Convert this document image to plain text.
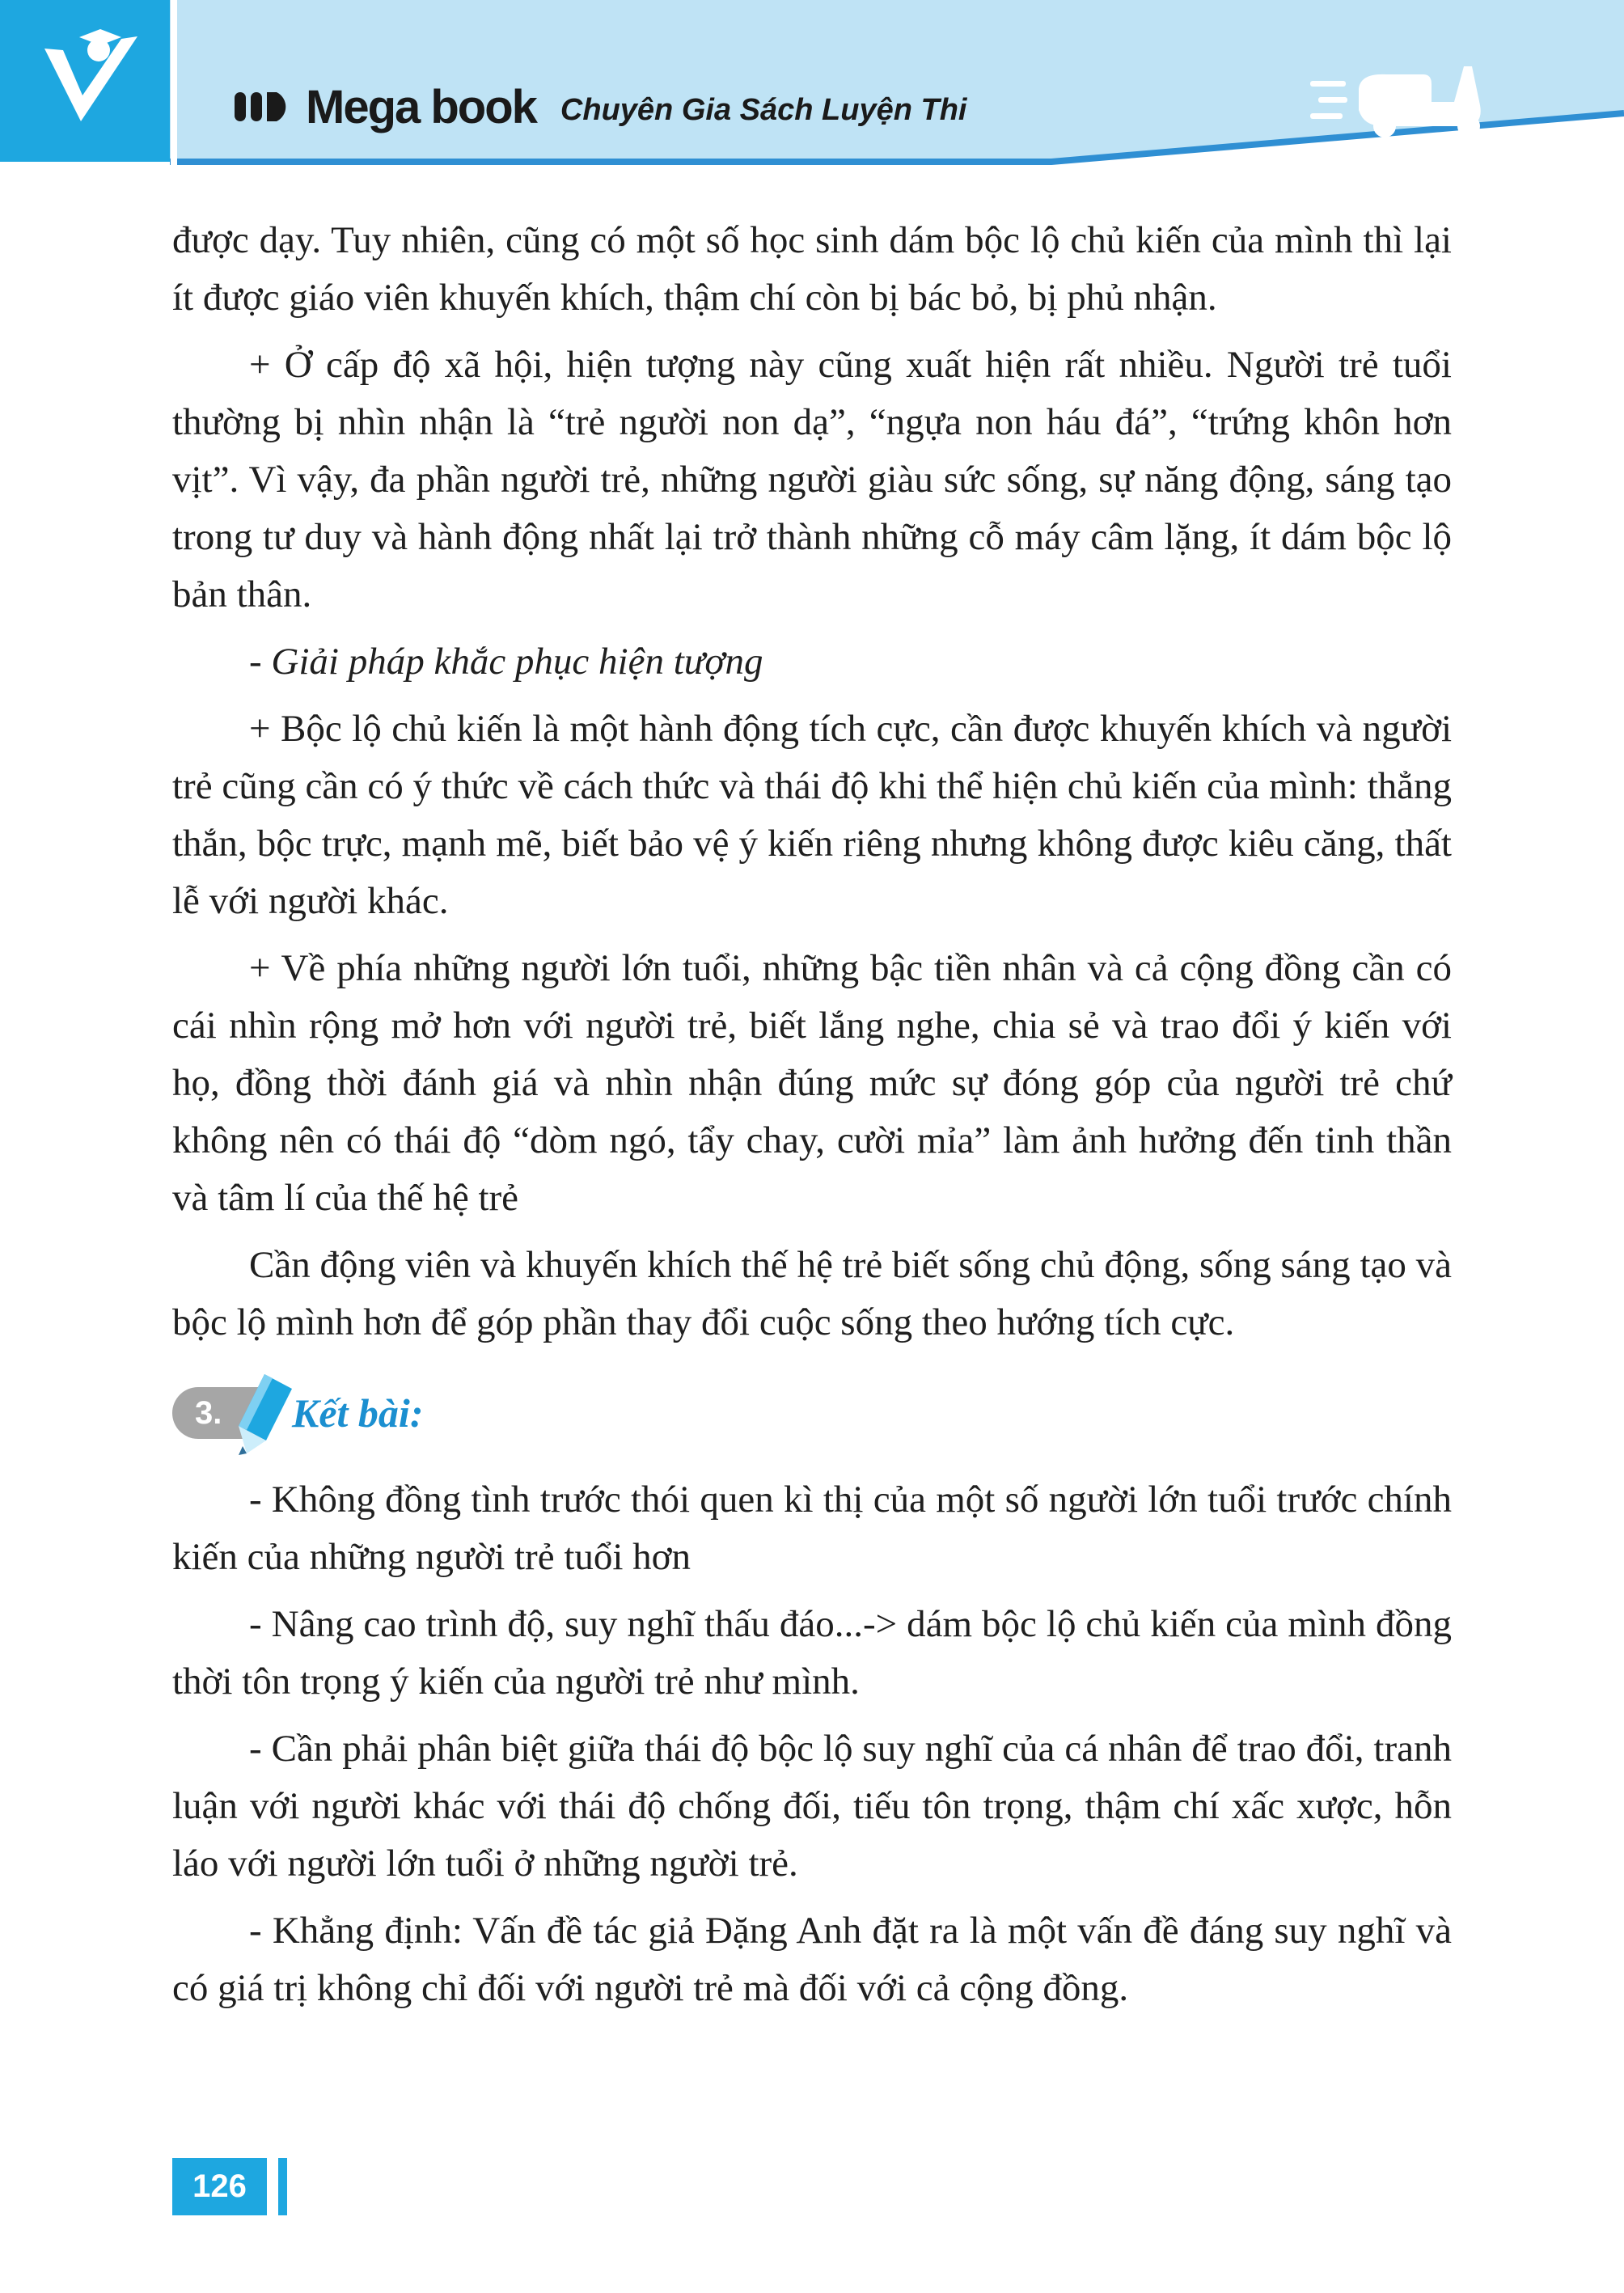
Mega book Chuyên Gia Sách Luyện Thi

được dạy. Tuy nhiên, cũng có một số học sinh dám bộc lộ chủ kiến của mình thì lại ít được giáo viên khuyến khích, thậm chí còn bị bác bỏ, bị phủ nhận.

+ Ở cấp độ xã hội, hiện tượng này cũng xuất hiện rất nhiều. Người trẻ tuổi thường bị nhìn nhận là “trẻ người non dạ”, “ngựa non háu đá”, “trứng khôn hơn vịt”. Vì vậy, đa phần người trẻ, những người giàu sức sống, sự năng động, sáng tạo trong tư duy và hành động nhất lại trở thành những cỗ máy câm lặng, ít dám bộc lộ bản thân.

- Giải pháp khắc phục hiện tượng

+ Bộc lộ chủ kiến là một hành động tích cực, cần được khuyến khích và người trẻ cũng cần có ý thức về cách thức và thái độ khi thể hiện chủ kiến của mình: thẳng thắn, bộc trực, mạnh mẽ, biết bảo vệ ý kiến riêng nhưng không được kiêu căng, thất lễ với người khác.

+ Về phía những người lớn tuổi, những bậc tiền nhân và cả cộng đồng cần có cái nhìn rộng mở hơn với người trẻ, biết lắng nghe, chia sẻ và trao đổi ý kiến với họ, đồng thời đánh giá và nhìn nhận đúng mức sự đóng góp của người trẻ chứ không nên có thái độ “dòm ngó, tẩy chay, cười mỉa” làm ảnh hưởng đến tinh thần và tâm lí của thế hệ trẻ

Cần động viên và khuyến khích thế hệ trẻ biết sống chủ động, sống sáng tạo và bộc lộ mình hơn để góp phần thay đổi cuộc sống theo hướng tích cực.

3. Kết bài:

- Không đồng tình trước thói quen kì thị của một số người lớn tuổi trước chính kiến của những người trẻ tuổi hơn

- Nâng cao trình độ, suy nghĩ thấu đáo...-> dám bộc lộ chủ kiến của mình đồng thời tôn trọng ý kiến của người trẻ như mình.

- Cần phải phân biệt giữa thái độ bộc lộ suy nghĩ của cá nhân để trao đổi, tranh luận với người khác với thái độ chống đối, tiếu tôn trọng, thậm chí xấc xược, hỗn láo với người lớn tuổi ở những người trẻ.

- Khẳng định: Vấn đề tác giả Đặng Anh đặt ra là một vấn đề đáng suy nghĩ và có giá trị không chỉ đối với người trẻ mà đối với cả cộng đồng.

126
